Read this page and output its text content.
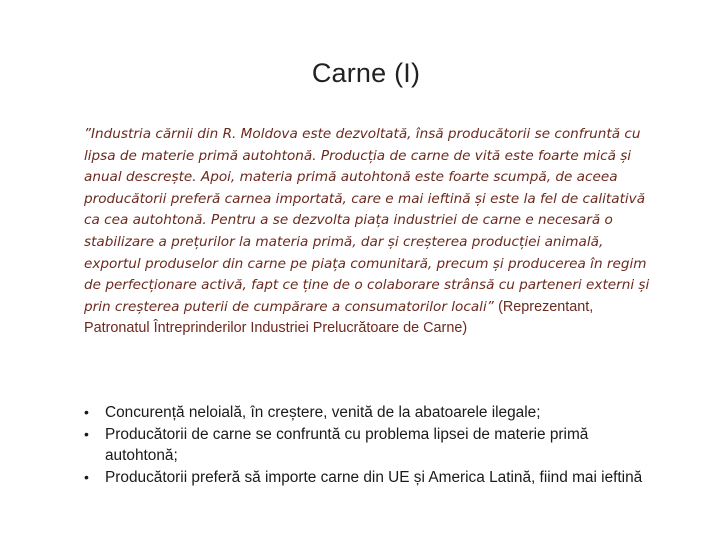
Carne (I)

”Industria cărnii din R. Moldova este dezvoltată, însă producătorii se confruntă cu lipsa de materie primă autohtonă. Producția de carne de vită este foarte mică și anual descrește. Apoi, materia primă autohtonă este foarte scumpă, de aceea producătorii preferă carnea importată, care e mai ieftină și este la fel de calitativă ca cea autohtonă. Pentru a se dezvolta piața industriei de carne e necesară o stabilizare a prețurilor la materia primă, dar și creșterea producției animală, exportul produselor din carne pe piața comunitară, precum și producerea în regim de perfecționare activă, fapt ce ține de o colaborare strânsă cu parteneri externi și prin creșterea puterii de cumpărare a consumatorilor locali” (Reprezentant, Patronatul Întreprinderilor Industriei Prelucrătoare de Carne)

• Concurență neloială, în creștere, venită de la abatoarele ilegale;
• Producătorii de carne se confruntă cu problema lipsei de materie primă autohtonă;
• Producătorii preferă să importe carne din UE și America Latină, fiind mai ieftină
